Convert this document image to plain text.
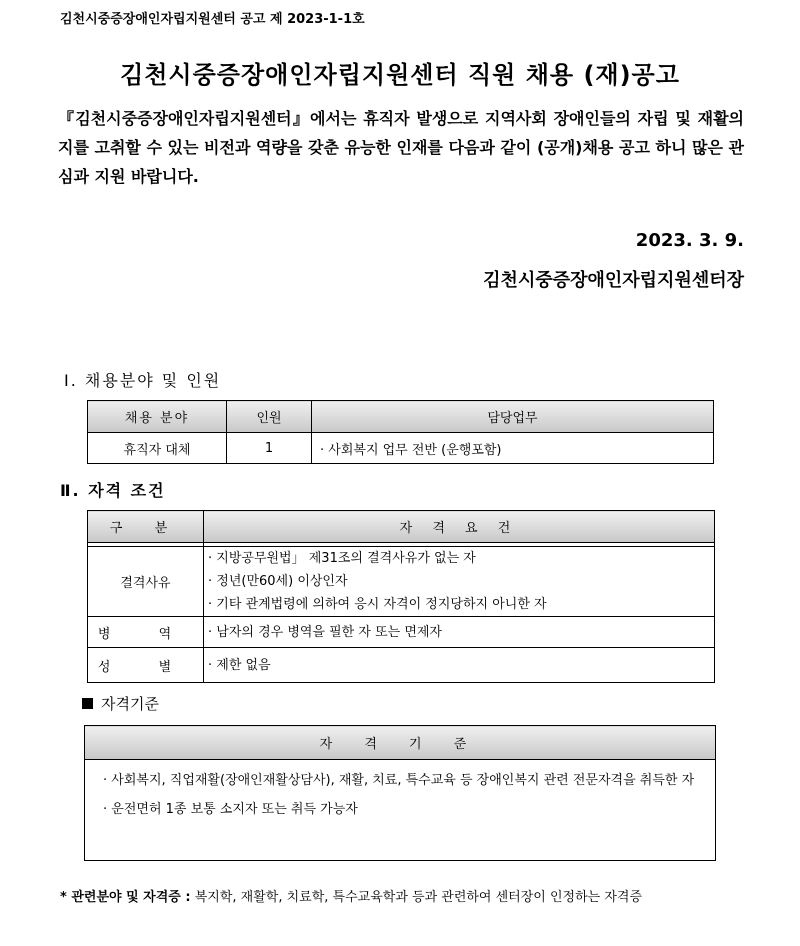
김천시중증장애인자립지원센터 공고 제 2023-1-1호
김천시중증장애인자립지원센터 직원 채용 (재)공고
『김천시중증장애인자립지원센터』에서는 휴직자 발생으로 지역사회 장애인들의 자립 및 재활의지를 고취할 수 있는 비전과 역량을 갖춘 유능한 인재를 다음과 같이 (공개)채용 공고 하니 많은 관심과 지원 바랍니다.
2023. 3. 9.
김천시중증장애인자립지원센터장
Ⅰ. 채용분야 및 인원
채용 분야	인원	담당업무
휴직자 대체	1	· 사회복지 업무 전반 (운행포함)
Ⅱ. 자격 조건
구 분	자 격 요 건

결격사유	· 지방공무원법」 제31조의 결격사유가 없는 자
· 정년(만60세) 이상인자
· 기타 관계법령에 의하여 응시 자격이 정지당하지 아니한 자

병 역	· 남자의 경우 병역을 필한 자 또는 면제자

성 별	· 제한 없음
자격기준
자 격 기 준

· 사회복지, 직업재활(장애인재활상담사), 재활, 치료, 특수교육 등 장애인복지 관련 전문자격을 취득한 자
· 운전면허 1종 보통 소지자 또는 취득 가능자
* 관련분야 및 자격증 : 복지학, 재활학, 치료학, 특수교육학과 등과 관련하여 센터장이 인정하는 자격증
